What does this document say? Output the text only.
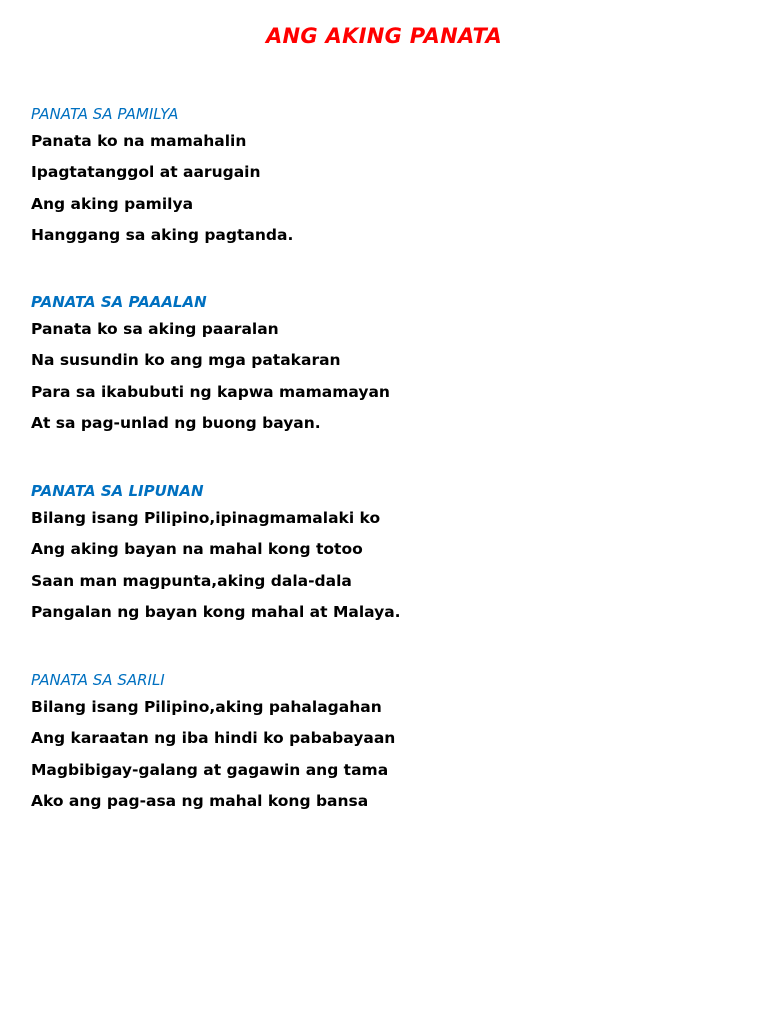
ANG AKING PANATA

PANATA SA PAMILYA

Panata ko na mamahalin

Ipagtatanggol at aarugain

Ang aking pamilya

Hanggang sa aking pagtanda.

PANATA SA PAAALAN

Panata ko sa aking paaralan

Na susundin ko ang mga patakaran

Para sa ikabubuti ng kapwa mamamayan

At sa pag-unlad ng buong bayan.

PANATA SA LIPUNAN

Bilang isang Pilipino,ipinagmamalaki ko

Ang aking bayan na mahal kong totoo

Saan man magpunta,aking dala-dala

Pangalan ng bayan kong mahal at Malaya.

PANATA SA SARILI

Bilang isang Pilipino,aking pahalagahan

Ang karaatan ng iba hindi ko pababayaan

Magbibigay-galang at gagawin ang tama

Ako ang pag-asa ng mahal kong bansa
